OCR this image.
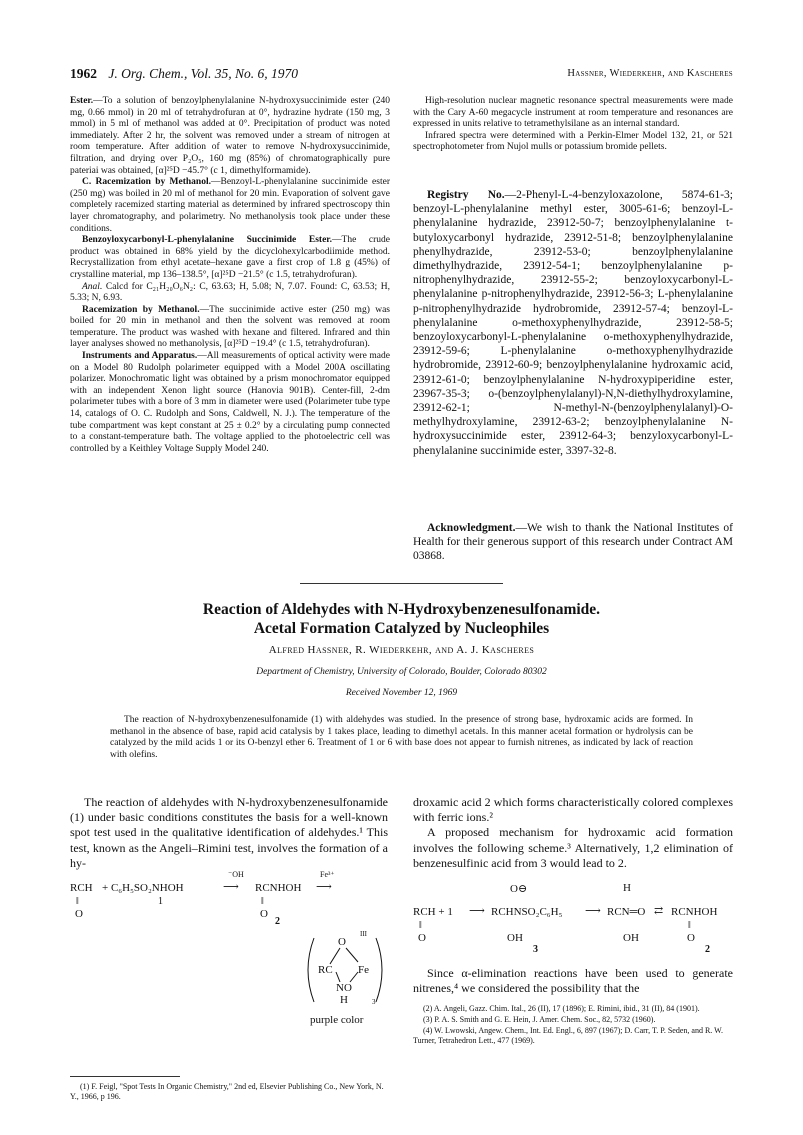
1962 J. Org. Chem., Vol. 35, No. 6, 1970	Hassner, Wiederkehr, and Kascheres

Ester.—To a solution of benzoylphenylalanine N-hydroxysuccinimide ester (240 mg, 0.66 mmol) in 20 ml of tetrahydrofuran at 0°, hydrazine hydrate (150 mg, 3 mmol) in 5 ml of methanol was added at 0°. Precipitation of product was noted immediately. After 2 hr, the solvent was removed under a stream of nitrogen at room temperature. After addition of water to remove N-hydroxysuccinimide, filtration, and drying over P₂O₅, 160 mg (85%) of chromatographically pure pateriai was obtained, [α]²⁵D −45.7° (c 1, dimethylformamide).

C. Racemization by Methanol.—Benzoyl-L-phenylalanine succinimide ester (250 mg) was boiled in 20 ml of methanol for 20 min. Evaporation of solvent gave completely racemized starting material as determined by infrared spectroscopy thin layer chromatography, and polarimetry. No methanolysis took place under these conditions.

Benzoyloxycarbonyl-L-phenylalanine Succinimide Ester.—The crude product was obtained in 68% yield by the dicyclohexylcarbodiimide method. Recrystallization from ethyl acetate–hexane gave a first crop of 1.8 g (45%) of crystalline material, mp 136–138.5°, [α]²⁵D −21.5° (c 1.5, tetrahydrofuran).

Anal. Calcd for C₂₁H₂₀O₆N₂: C, 63.63; H, 5.08; N, 7.07. Found: C, 63.53; H, 5.33; N, 6.93.

Racemization by Methanol.—The succinimide active ester (250 mg) was boiled for 20 min in methanol and then the solvent was removed at room temperature. The product was washed with hexane and filtered. Infrared and thin layer analyses showed no methanolysis, [α]²⁵D −19.4° (c 1.5, tetrahydrofuran).

Instruments and Apparatus.—All measurements of optical activity were made on a Model 80 Rudolph polarimeter equipped with a Model 200A oscillating polarizer. Monochromatic light was obtained by a prism monochromator equipped with an independent Xenon light source (Hanovia 901B). Center-fill, 2-dm polarimeter tubes with a bore of 3 mm in diameter were used (Polarimeter tube type 14, catalogs of O. C. Rudolph and Sons, Caldwell, N. J.). The temperature of the tube compartment was kept constant at 25 ± 0.2° by a circulating pump connected to a constant-temperature bath. The voltage applied to the photoelectric cell was controlled by a Keithley Voltage Supply Model 240.

High-resolution nuclear magnetic resonance spectral measurements were made with the Cary A-60 megacycle instrument at room temperature and resonances are expressed in units relative to tetramethylsilane as an internal standard.

Infrared spectra were determined with a Perkin-Elmer Model 132, 21, or 521 spectrophotometer from Nujol mulls or potassium bromide pellets.

Registry No.—2-Phenyl-L-4-benzyloxazolone, 5874-61-3; benzoyl-L-phenylalanine methyl ester, 3005-61-6; benzoyl-L-phenylalanine hydrazide, 23912-50-7; benzoylphenylalanine t-butyloxycarbonyl hydrazide, 23912-51-8; benzoylphenylalanine phenylhydrazide, 23912-53-0; benzoylphenylalanine dimethylhydrazide, 23912-54-1; benzoylphenylalanine p-nitrophenylhydrazide, 23912-55-2; benzoyloxycarbonyl-L-phenylalanine p-nitrophenylhydrazide, 23912-56-3; L-phenylalanine p-nitrophenylhydrazide hydrobromide, 23912-57-4; benzoyl-L-phenylalanine o-methoxyphenylhydrazide, 23912-58-5; benzoyloxycarbonyl-L-phenylalanine o-methoxyphenylhydrazide, 23912-59-6; L-phenylalanine o-methoxyphenylhydrazide hydrobromide, 23912-60-9; benzoylphenylalanine hydroxamic acid, 23912-61-0; benzoylphenylalanine N-hydroxypiperidine ester, 23967-35-3; o-(benzoylphenylalanyl)-N,N-diethylhydroxylamine, 23912-62-1; N-methyl-N-(benzoylphenylalanyl)-O-methylhydroxylamine, 23912-63-2; benzoylphenylalanine N-hydroxysuccinimide ester, 23912-64-3; benzyloxycarbonyl-L-phenylalanine succinimide ester, 3397-32-8.

Acknowledgment.—We wish to thank the National Institutes of Health for their generous support of this research under Contract AM 03868.

Reaction of Aldehydes with N-Hydroxybenzenesulfonamide.
Acetal Formation Catalyzed by Nucleophiles
Alfred Hassner, R. Wiederkehr, and A. J. Kascheres
Department of Chemistry, University of Colorado, Boulder, Colorado 80302
Received November 12, 1969
The reaction of N-hydroxybenzenesulfonamide (1) with aldehydes was studied. In the presence of strong base, hydroxamic acids are formed. In methanol in the absence of base, rapid acid catalysis by 1 takes place, leading to dimethyl acetals. In this manner acetal formation or hydrolysis can be catalyzed by the mild acids 1 or its O-benzyl ether 6. Treatment of 1 or 6 with base does not appear to furnish nitrenes, as indicated by lack of reaction with olefins.

The reaction of aldehydes with N-hydroxybenzenesulfonamide (1) under basic conditions constitutes the basis for a well-known spot test used in the qualitative identification of aldehydes.¹ This test, known as the Angeli–Rimini test, involves the formation of a hy-

RCH
‖
O
+ C₆H₅SO₂NHOH
1
⁻OH
⟶ RCNHOH
‖
O
2
Fe³⁺
⟶
O
III
RC Fe
NO
H	3
purple color

(1) F. Feigl, "Spot Tests In Organic Chemistry," 2nd ed, Elsevier Publishing Co., New York, N. Y., 1966, p 196.

droxamic acid 2 which forms characteristically colored complexes with ferric ions.²

A proposed mechanism for hydroxamic acid formation involves the following scheme.³ Alternatively, 1,2 elimination of benzenesulfinic acid from 3 would lead to 2.

O⊖	H
RCH + 1 ⟶ RCHNSO₂C₆H₅ ⟶ RCN═O ⇄ RCNHOH
‖
O	OH	OH
‖
O
3	2

Since α-elimination reactions have been used to generate nitrenes,⁴ we considered the possibility that the

(2) A. Angeli, Gazz. Chim. Ital., 26 (II), 17 (1896); E. Rimini, ibid., 31 (II), 84 (1901).

(3) P. A. S. Smith and G. E. Hein, J. Amer. Chem. Soc., 82, 5732 (1960).

(4) W. Lwowski, Angew. Chem., Int. Ed. Engl., 6, 897 (1967); D. Carr, T. P. Seden, and R. W. Turner, Tetrahedron Lett., 477 (1969).
